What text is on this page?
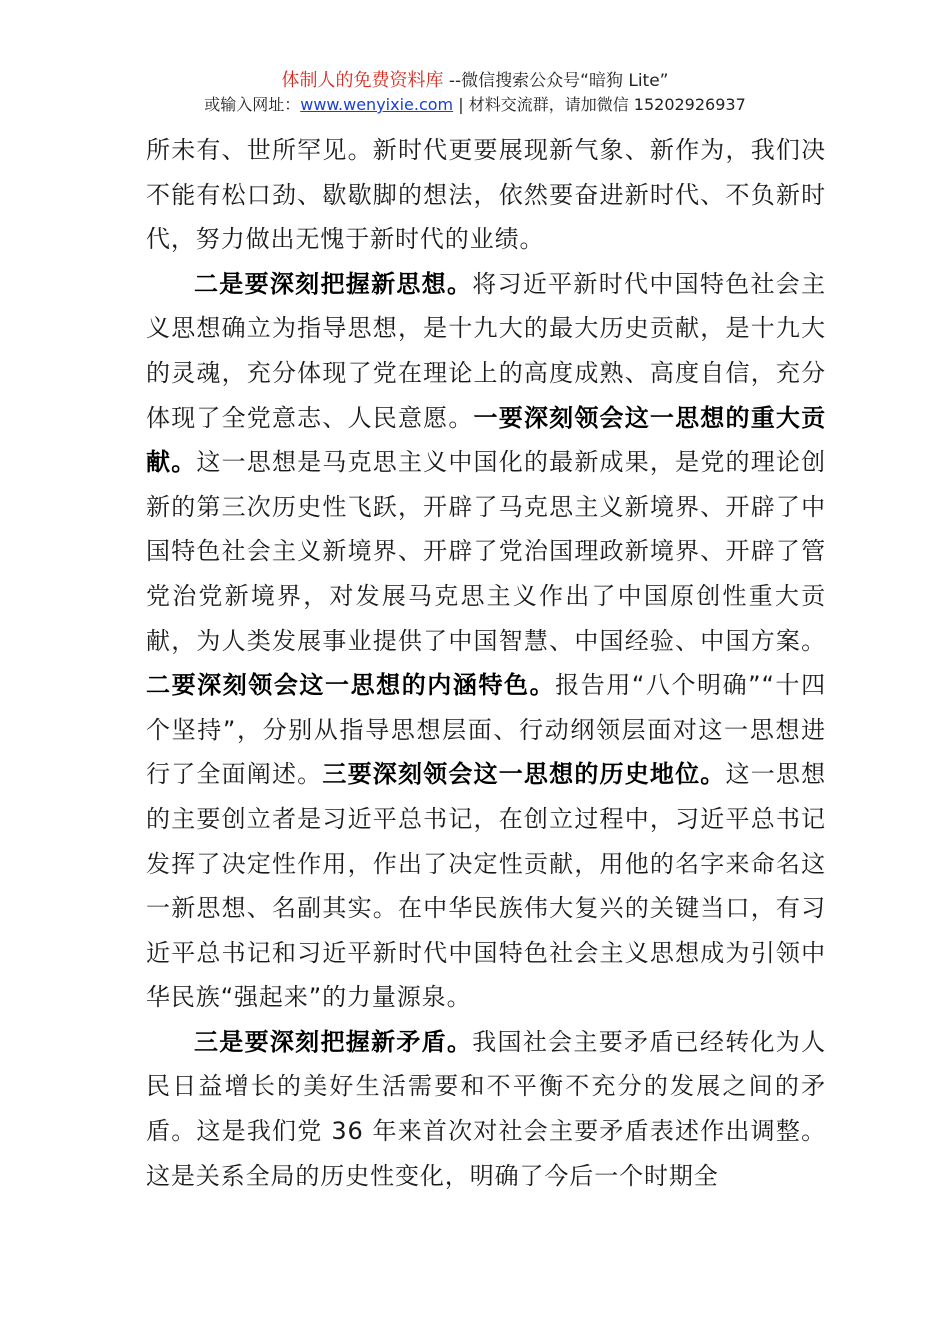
体制人的免费资料库 --微信搜索公众号“暗狗 Lite”
或输入网址：www.wenyixie.com | 材料交流群，请加微信 15202926937

所未有、世所罕见。新时代更要展现新气象、新作为，我们决不能有松口劲、歇歇脚的想法，依然要奋进新时代、不负新时代，努力做出无愧于新时代的业绩。

二是要深刻把握新思想。将习近平新时代中国特色社会主义思想确立为指导思想，是十九大的最大历史贡献，是十九大的灵魂，充分体现了党在理论上的高度成熟、高度自信，充分体现了全党意志、人民意愿。一要深刻领会这一思想的重大贡献。这一思想是马克思主义中国化的最新成果，是党的理论创新的第三次历史性飞跃，开辟了马克思主义新境界、开辟了中国特色社会主义新境界、开辟了党治国理政新境界、开辟了管党治党新境界，对发展马克思主义作出了中国原创性重大贡献，为人类发展事业提供了中国智慧、中国经验、中国方案。二要深刻领会这一思想的内涵特色。报告用“八个明确”“十四个坚持”，分别从指导思想层面、行动纲领层面对这一思想进行了全面阐述。三要深刻领会这一思想的历史地位。这一思想的主要创立者是习近平总书记，在创立过程中，习近平总书记发挥了决定性作用，作出了决定性贡献，用他的名字来命名这一新思想、名副其实。在中华民族伟大复兴的关键当口，有习近平总书记和习近平新时代中国特色社会主义思想成为引领中华民族“强起来”的力量源泉。

三是要深刻把握新矛盾。我国社会主要矛盾已经转化为人民日益增长的美好生活需要和不平衡不充分的发展之间的矛盾。这是我们党 36 年来首次对社会主要矛盾表述作出调整。这是关系全局的历史性变化，明确了今后一个时期全
